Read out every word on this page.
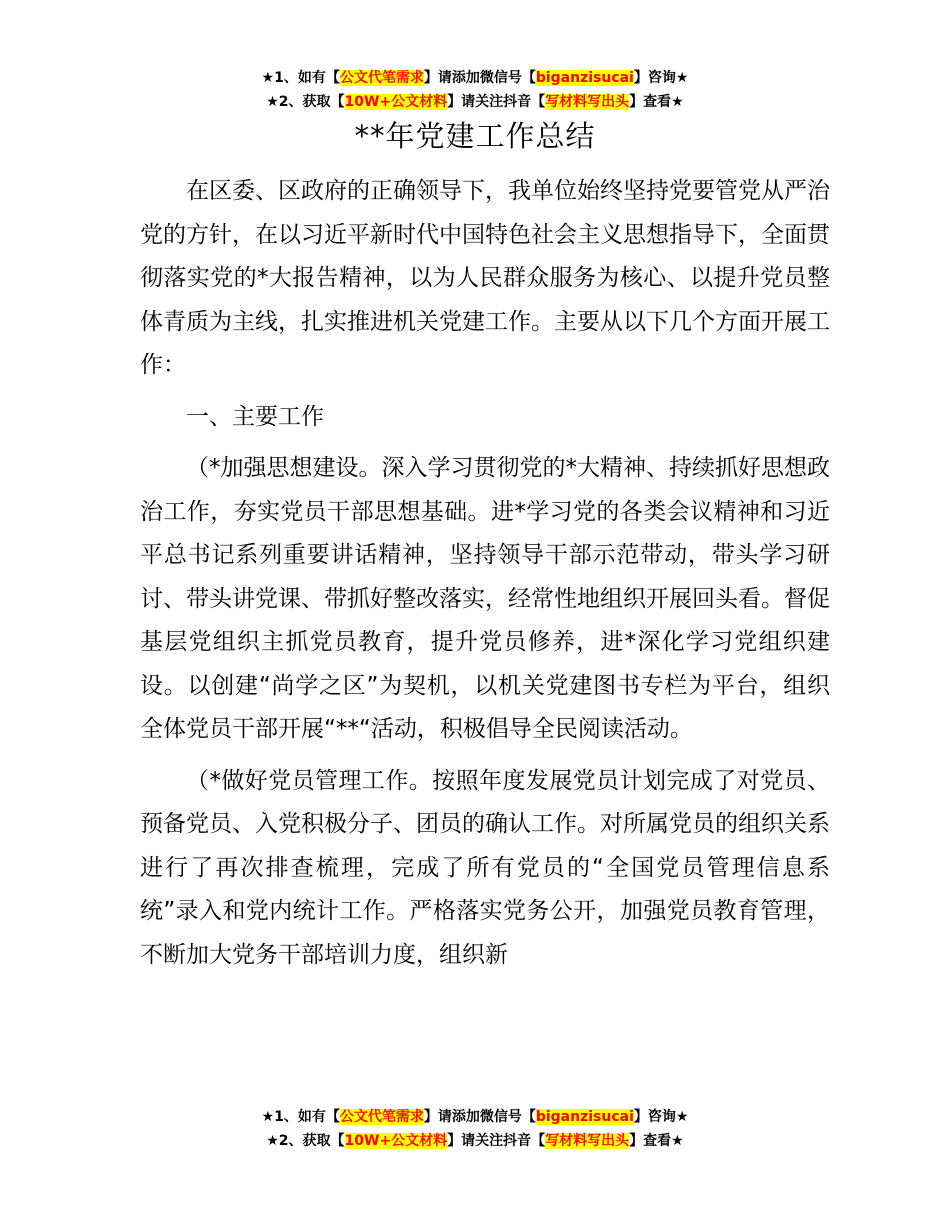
★1、如有【公文代笔需求】请添加微信号【biganzisucai】咨询★
★2、获取【10W+公文材料】请关注抖音【写材料写出头】查看★
**年党建工作总结

在区委、区政府的正确领导下，我单位始终坚持党要管党从严治党的方针，在以习近平新时代中国特色社会主义思想指导下，全面贯彻落实党的*大报告精神，以为人民群众服务为核心、以提升党员整体青质为主线，扎实推进机关党建工作。主要从以下几个方面开展工作：

一、主要工作

（*加强思想建设。深入学习贯彻党的*大精神、持续抓好思想政治工作，夯实党员干部思想基础。进*学习党的各类会议精神和习近平总书记系列重要讲话精神，坚持领导干部示范带动，带头学习研讨、带头讲党课、带抓好整改落实，经常性地组织开展回头看。督促基层党组织主抓党员教育，提升党员修养，进*深化学习党组织建设。以创建“尚学之区”为契机，以机关党建图书专栏为平台，组织全体党员干部开展“**“活动，积极倡导全民阅读活动。

（*做好党员管理工作。按照年度发展党员计划完成了对党员、预备党员、入党积极分子、团员的确认工作。对所属党员的组织关系进行了再次排查梳理，完成了所有党员的“全国党员管理信息系统”录入和党内统计工作。严格落实党务公开，加强党员教育管理，不断加大党务干部培训力度，组织新

★1、如有【公文代笔需求】请添加微信号【biganzisucai】咨询★
★2、获取【10W+公文材料】请关注抖音【写材料写出头】查看★
